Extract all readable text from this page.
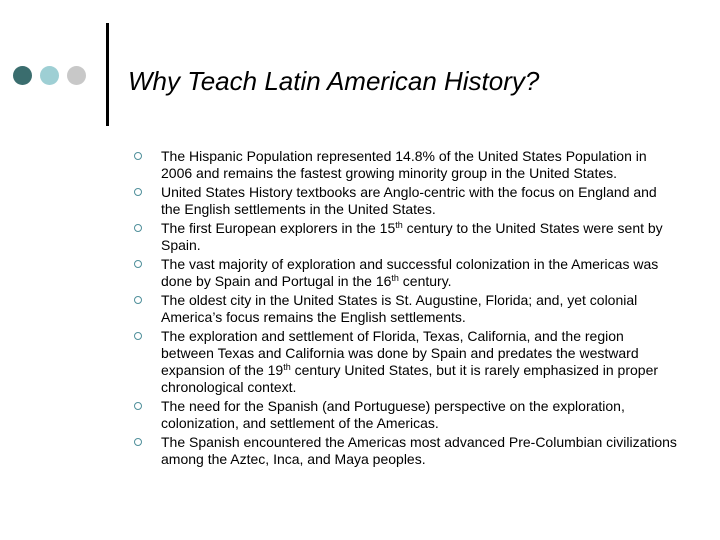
Why Teach Latin American History?
The Hispanic Population represented 14.8% of the United States Population in 2006 and remains the fastest growing minority group in the United States.
United States History textbooks are Anglo-centric with the focus on England and the English settlements in the United States.
The first European explorers in the 15th century to the United States were sent by Spain.
The vast majority of exploration and successful colonization in the Americas was done by Spain and Portugal in the 16th century.
The oldest city in the United States is St. Augustine, Florida; and, yet colonial America’s focus remains the English settlements.
The exploration and settlement of Florida, Texas, California, and the region between Texas and California was done by Spain and predates the westward expansion of the 19th century United States, but it is rarely emphasized in proper chronological context.
The need for the Spanish (and Portuguese) perspective on the exploration, colonization, and settlement of the Americas.
The Spanish encountered the Americas most advanced Pre-Columbian civilizations among the Aztec, Inca, and Maya peoples.
